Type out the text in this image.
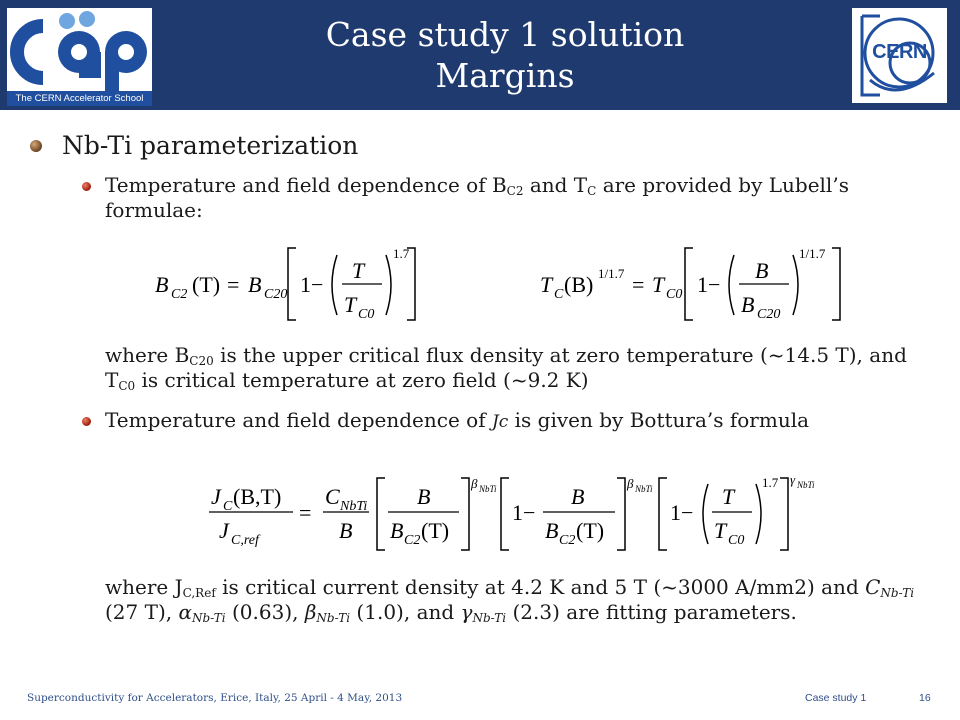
The CERN Accelerator School
Case study 1 solution
Margins
CERN
Nb-Ti parameterization
Temperature and field dependence of $B_{C2}$ and $T_C$ are provided by Lubell’s formulae:
B C2 (T) = B C20 1−
T
T C0
1.7
T C (B) 1/1.7 = T C0 1−
B
B C20
1/1.7
where $B_{C20}$ is the upper critical flux density at zero temperature (~14.5 T), and $T_{C0}$ is critical temperature at zero field (~9.2 K)
Temperature and field dependence of Jc is given by Bottura’s formula
J C (B,T)
J C,ref
=
C NbTi
B
B
B C2 (T)
β NbTi
1−
B
B C2 (T)
β NbTi
1−
T
T C0
1.7 γ NbTi
where $J_{C,Ref}$ is critical current density at 4.2 K and 5 T (~3000 A/mm2) and $C_{Nb-Ti}$ (27 T), $\alpha_{Nb-Ti}$ (0.63), $\beta_{Nb-Ti}$ (1.0), and $\gamma_{Nb-Ti}$ (2.3) are fitting parameters.
Superconductivity for Accelerators, Erice, Italy, 25 April - 4 May, 2013	Case study 1	16
